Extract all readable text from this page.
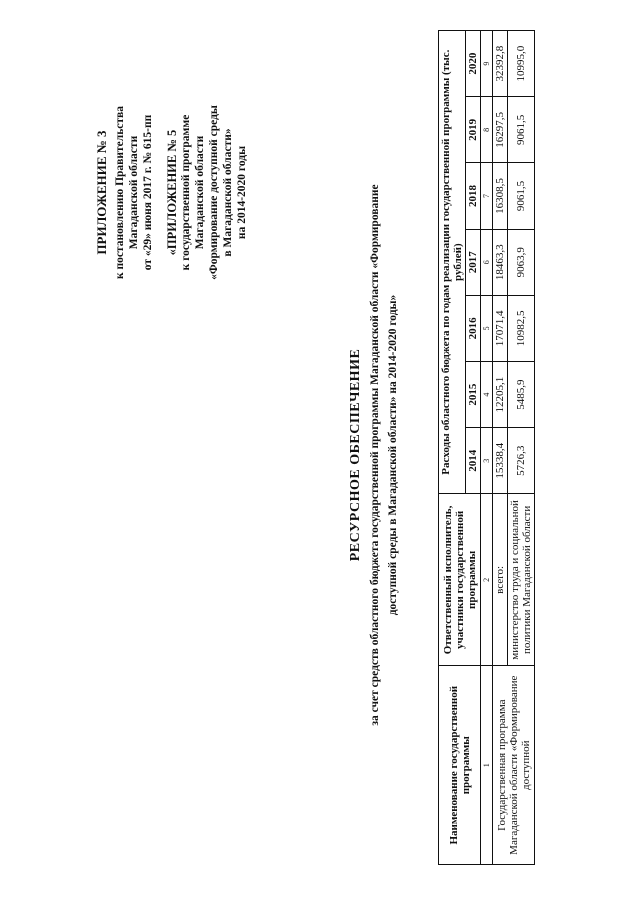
ПРИЛОЖЕНИЕ № 3 к постановлению Правительства Магаданской области от «29» июня 2017 г. № 615-пп «ПРИЛОЖЕНИЕ № 5 к государственной программе Магаданской области «Формирование доступной среды в Магаданской области» на 2014-2020 годы
РЕСУРСНОЕ ОБЕСПЕЧЕНИЕ за счет средств областного бюджета государственной программы Магаданской области «Формирование доступной среды в Магаданской области» на 2014-2020 годы»
Наименование государственной программы	Ответственный исполнитель, участники государственной программы	Расходы областного бюджета по годам реализации государственной программы (тыс. рублей)						
		2014	2015	2016	2017	2018	2019	2020
1	2	3	4	5	6	7	8	9
Государственная программа Магаданской области «Формирование доступной	всего:	15338,4	12205,1	17071,4	18463,3	16308,5	16297,5	32392,8
	министерство труда и социальной политики Магаданской области	5726,3	5485,9	10982,5	9063,9	9061,5	9061,5	10995,0
